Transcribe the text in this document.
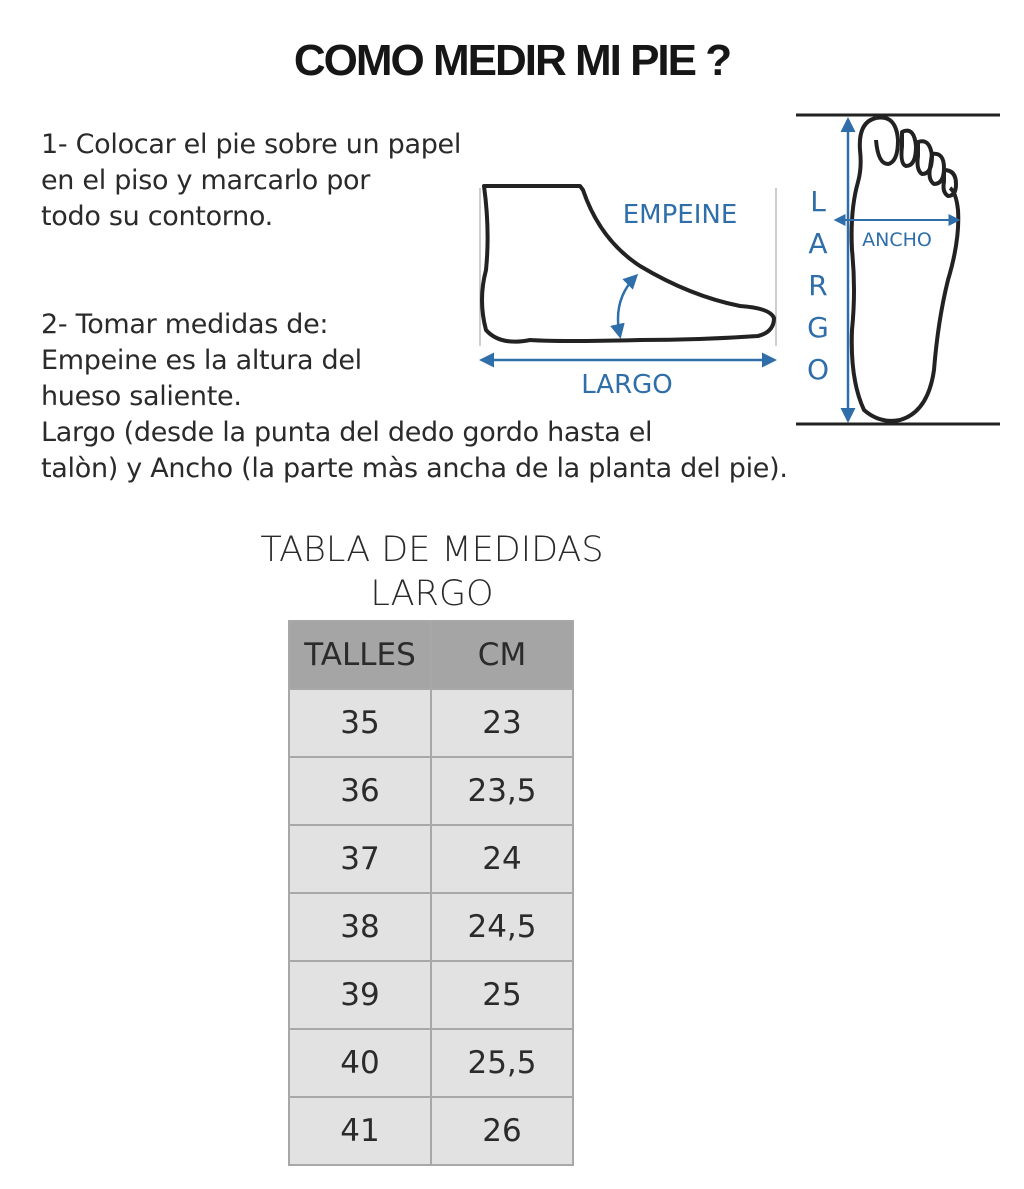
COMO MEDIR MI PIE ?
1- Colocar el pie sobre un papel
en el piso y marcarlo por
todo su contorno.
2- Tomar medidas de:
Empeine es la altura del
hueso saliente.
Largo (desde la punta del dedo gordo hasta el
talòn) y Ancho (la parte màs ancha de la planta del pie).
EMPEINE
LARGO
ANCHO
L
A
R
G
O
TABLA DE MEDIDAS
LARGO
TALLES	CM
35	23
36	23,5
37	24
38	24,5
39	25
40	25,5
41	26
